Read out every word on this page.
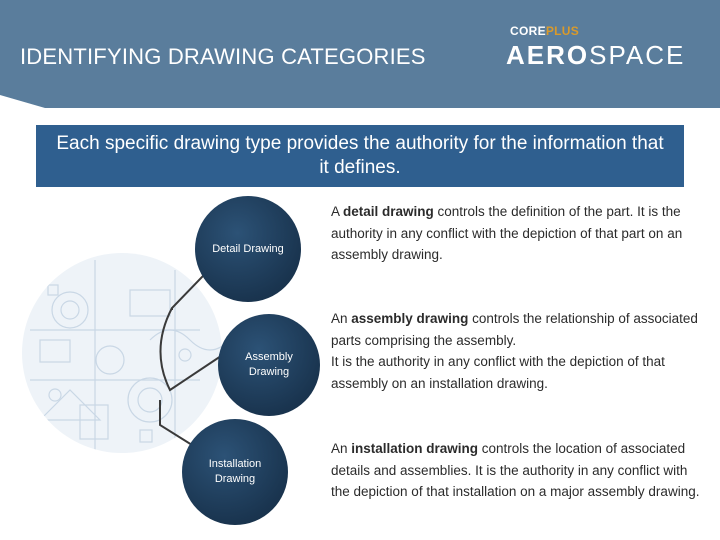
IDENTIFYING DRAWING CATEGORIES
COREPLUS
AEROSPACE
Each specific drawing type provides the authority for the information that it defines.
Detail Drawing
Assembly Drawing
Installation Drawing
A detail drawing controls the definition of the part. It is the authority in any conflict with the depiction of that part on an assembly drawing.
An assembly drawing controls the relationship of associated parts comprising the assembly.
It is the authority in any conflict with the depiction of that assembly on an installation drawing.
An installation drawing controls the location of associated details and assemblies. It is the authority in any conflict with the depiction of that installation on a major assembly drawing.
